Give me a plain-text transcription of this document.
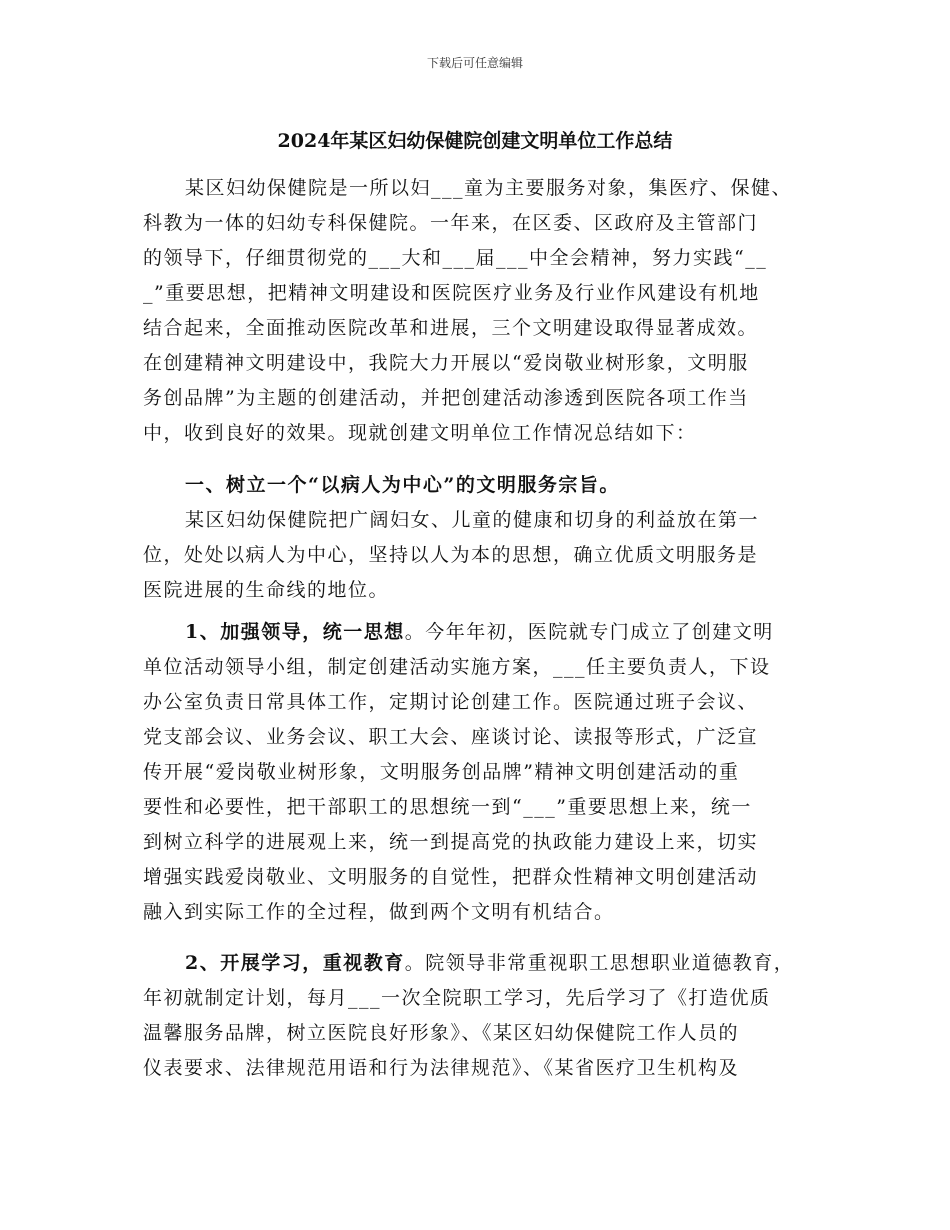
下载后可任意编辑
2024年某区妇幼保健院创建文明单位工作总结
某区妇幼保健院是一所以妇___童为主要服务对象，集医疗、保健、
科教为一体的妇幼专科保健院。一年来，在区委、区政府及主管部门
的领导下，仔细贯彻党的___大和___届___中全会精神，努力实践“__
_”重要思想，把精神文明建设和医院医疗业务及行业作风建设有机地
结合起来，全面推动医院改革和进展，三个文明建设取得显著成效。
在创建精神文明建设中，我院大力开展以“爱岗敬业树形象，文明服
务创品牌”为主题的创建活动，并把创建活动渗透到医院各项工作当
中，收到良好的效果。现就创建文明单位工作情况总结如下：
一、树立一个“以病人为中心”的文明服务宗旨。
某区妇幼保健院把广阔妇女、儿童的健康和切身的利益放在第一
位，处处以病人为中心，坚持以人为本的思想，确立优质文明服务是
医院进展的生命线的地位。
1、加强领导，统一思想。今年年初，医院就专门成立了创建文明
单位活动领导小组，制定创建活动实施方案，___任主要负责人，下设
办公室负责日常具体工作，定期讨论创建工作。医院通过班子会议、
党支部会议、业务会议、职工大会、座谈讨论、读报等形式，广泛宣
传开展“爱岗敬业树形象，文明服务创品牌”精神文明创建活动的重
要性和必要性，把干部职工的思想统一到“___”重要思想上来，统一
到树立科学的进展观上来，统一到提高党的执政能力建设上来，切实
增强实践爱岗敬业、文明服务的自觉性，把群众性精神文明创建活动
融入到实际工作的全过程，做到两个文明有机结合。
2、开展学习，重视教育。院领导非常重视职工思想职业道德教育，
年初就制定计划，每月___一次全院职工学习，先后学习了《打造优质
温馨服务品牌，树立医院良好形象》、《某区妇幼保健院工作人员的
仪表要求、法律规范用语和行为法律规范》、《某省医疗卫生机构及
